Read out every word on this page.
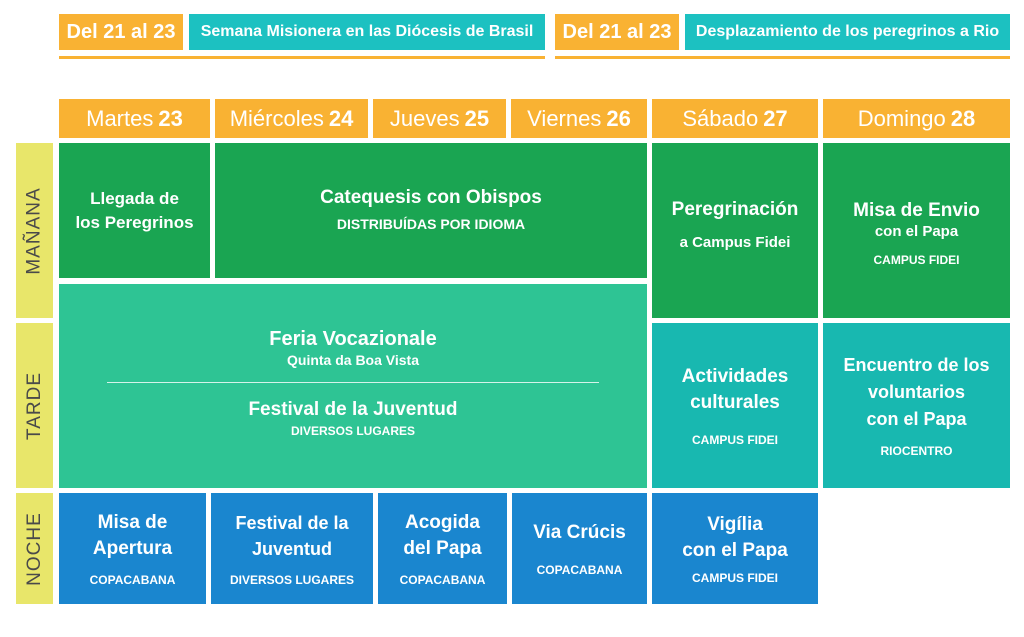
Del 21 al 23	Semana Misionera en las Diócesis de Brasil	Del 21 al 23	Desplazamiento de los peregrinos a Rio
Martes 23 Miércoles 24 Jueves 25 Viernes 26 Sábado 27	Domingo 28
MAÑANA
TARDE
NOCHE
Llegada de
los Peregrinos
Catequesis con Obispos
DISTRIBUÍDAS POR IDIOMA
Peregrinación
a Campus Fidei
Misa de Envio
con el Papa
CAMPUS FIDEI
Feria Vocazionale
Quinta da Boa Vista
Festival de la Juventud
DIVERSOS LUGARES
Actividades
culturales
CAMPUS FIDEI
Encuentro de los
voluntarios
con el Papa
RIOCENTRO
Misa de
Apertura
COPACABANA
Festival de la
Juventud
DIVERSOS LUGARES
Acogida
del Papa
COPACABANA
Via Crúcis
COPACABANA
Vigília
con el Papa
CAMPUS FIDEI
